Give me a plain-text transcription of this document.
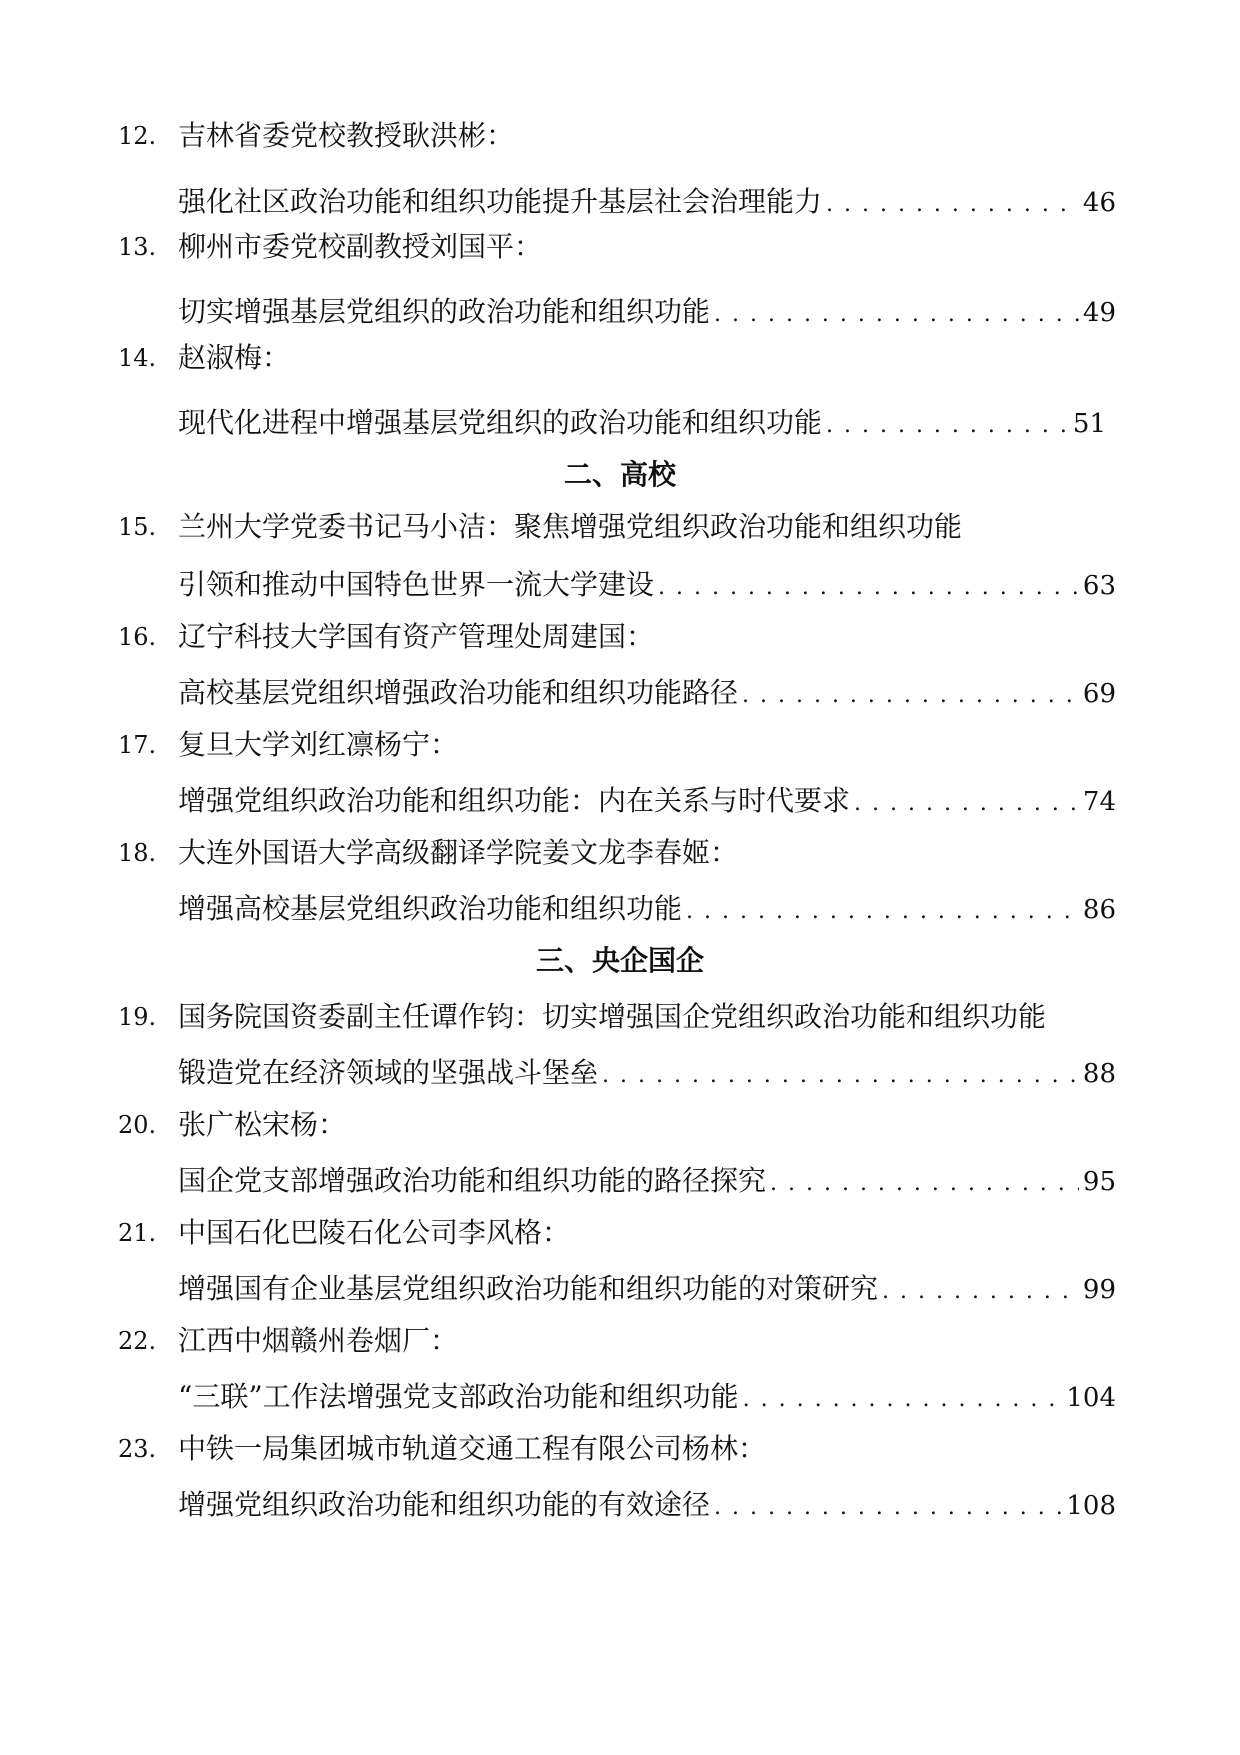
12. 吉林省委党校教授耿洪彬：
强化社区政治功能和组织功能提升基层社会治理能力 . . .	46
13. 柳州市委党校副教授刘国平：
切实增强基层党组织的政治功能和组织功能 . . .	49
14. 赵淑梅：
现代化进程中增强基层党组织的政治功能和组织功能 . . .	51
二、高校
15. 兰州大学党委书记马小洁：聚焦增强党组织政治功能和组织功能
引领和推动中国特色世界一流大学建设 . . .	63
16. 辽宁科技大学国有资产管理处周建国：
高校基层党组织增强政治功能和组织功能路径 . . .	69
17. 复旦大学刘红凛杨宁：
增强党组织政治功能和组织功能：内在关系与时代要求 . . .	74
18. 大连外国语大学高级翻译学院姜文龙李春姬：
增强高校基层党组织政治功能和组织功能 . . .	86
三、央企国企
19. 国务院国资委副主任谭作钧：切实增强国企党组织政治功能和组织功能
锻造党在经济领域的坚强战斗堡垒 . . .	88
20. 张广松宋杨：
国企党支部增强政治功能和组织功能的路径探究 . . .	95
21. 中国石化巴陵石化公司李风格：
增强国有企业基层党组织政治功能和组织功能的对策研究 . . .	99
22. 江西中烟赣州卷烟厂：
“三联”工作法增强党支部政治功能和组织功能 . . .	104
23. 中铁一局集团城市轨道交通工程有限公司杨林：
增强党组织政治功能和组织功能的有效途径 . . .	108
